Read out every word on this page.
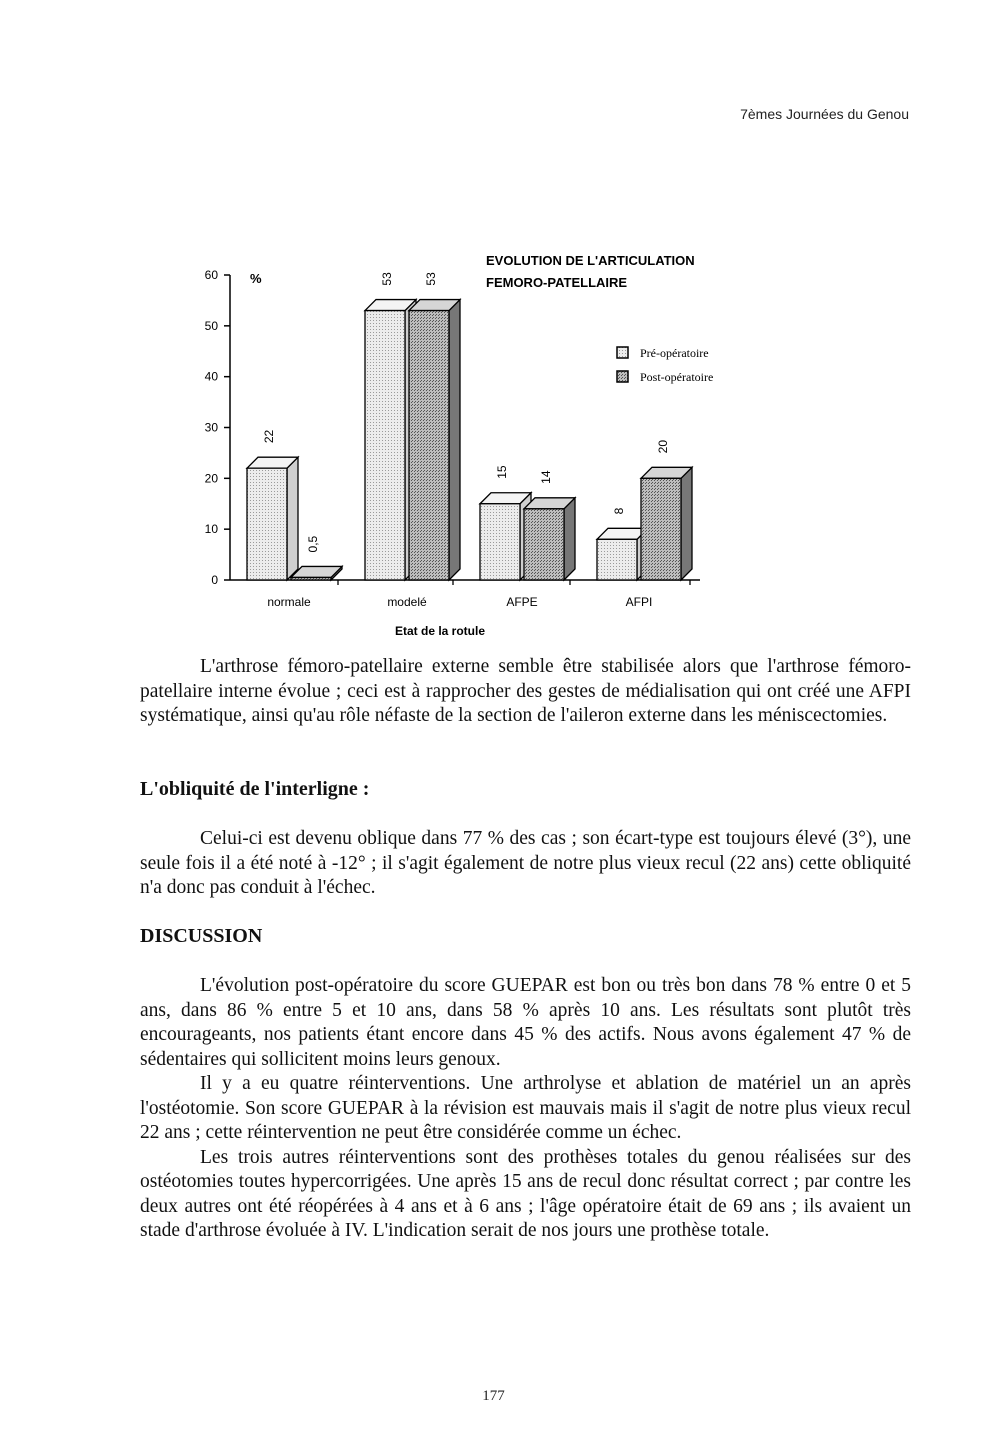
7èmes Journées du Genou
0
10
20
30
40
50
60 %
22
0,5
normale
53	53
modelé
15	14
AFPE
8
20
AFPI
Etat de la rotule
EVOLUTION DE L'ARTICULATION
FEMORO-PATELLAIRE
Pré-opératoire
Post-opératoire

L'arthrose fémoro-patellaire externe semble être stabilisée alors que l'arthrose fémoro-patellaire interne évolue ; ceci est à rapprocher des gestes de médialisation qui ont créé une AFPI systématique, ainsi qu'au rôle néfaste de la section de l'aileron externe dans les méniscectomies.

L'obliquité de l'interligne :

Celui-ci est devenu oblique dans 77 % des cas ; son écart-type est toujours élevé (3°), une seule fois il a été noté à -12° ; il s'agit également de notre plus vieux recul (22 ans) cette obliquité n'a donc pas conduit à l'échec.

DISCUSSION

L'évolution post-opératoire du score GUEPAR est bon ou très bon dans 78 % entre 0 et 5 ans, dans 86 % entre 5 et 10 ans, dans 58 % après 10 ans. Les résultats sont plutôt très encourageants, nos patients étant encore dans 45 % des actifs. Nous avons également 47 % de sédentaires qui sollicitent moins leurs genoux.

Il y a eu quatre réinterventions. Une arthrolyse et ablation de matériel un an après l'ostéotomie. Son score GUEPAR à la révision est mauvais mais il s'agit de notre plus vieux recul 22 ans ; cette réintervention ne peut être considérée comme un échec.

Les trois autres réinterventions sont des prothèses totales du genou réalisées sur des ostéotomies toutes hypercorrigées. Une après 15 ans de recul donc résultat correct ; par contre les deux autres ont été réopérées à 4 ans et à 6 ans ; l'âge opératoire était de 69 ans ; ils avaient un stade d'arthrose évoluée à IV. L'indication serait de nos jours une prothèse totale.

177
